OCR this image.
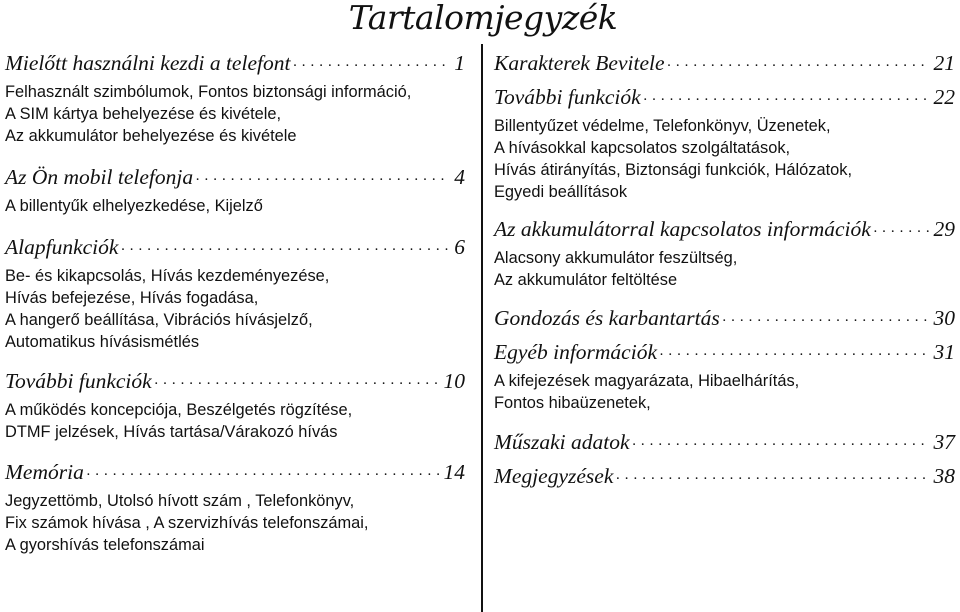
Tartalomjegyzék
Mielőtt használni kezdi a telefont · · ·	1
Felhasznált szimbólumok, Fontos biztonsági információ,
A SIM kártya behelyezése és kivétele,
Az akkumulátor behelyezése és kivétele
Az Ön mobil telefonja · · ·	4
A billentyűk elhelyezkedése, Kijelző
Alapfunkciók · · ·	6
Be- és kikapcsolás, Hívás kezdeményezése,
Hívás befejezése, Hívás fogadása,
A hangerő beállítása, Vibrációs hívásjelző,
Automatikus hívásismétlés
További funkciók · · ·	10
A működés koncepciója, Beszélgetés rögzítése,
DTMF jelzések, Hívás tartása/Várakozó hívás
Memória · · ·	14
Jegyzettömb, Utolsó hívott szám , Telefonkönyv,
Fix számok hívása , A szervizhívás telefonszámai,
A gyorshívás telefonszámai
Karakterek Bevitele · · ·	21
További funkciók · · ·	22
Billentyűzet védelme, Telefonkönyv, Üzenetek,
A hívásokkal kapcsolatos szolgáltatások,
Hívás átirányítás, Biztonsági funkciók, Hálózatok,
Egyedi beállítások
Az akkumulátorral kapcsolatos információk · · ·	29
Alacsony akkumulátor feszültség,
Az akkumulátor feltöltése
Gondozás és karbantartás · · ·	30
Egyéb információk · · ·	31
A kifejezések magyarázata, Hibaelhárítás,
Fontos hibaüzenetek,
Műszaki adatok · · ·	37
Megjegyzések · · ·	38
